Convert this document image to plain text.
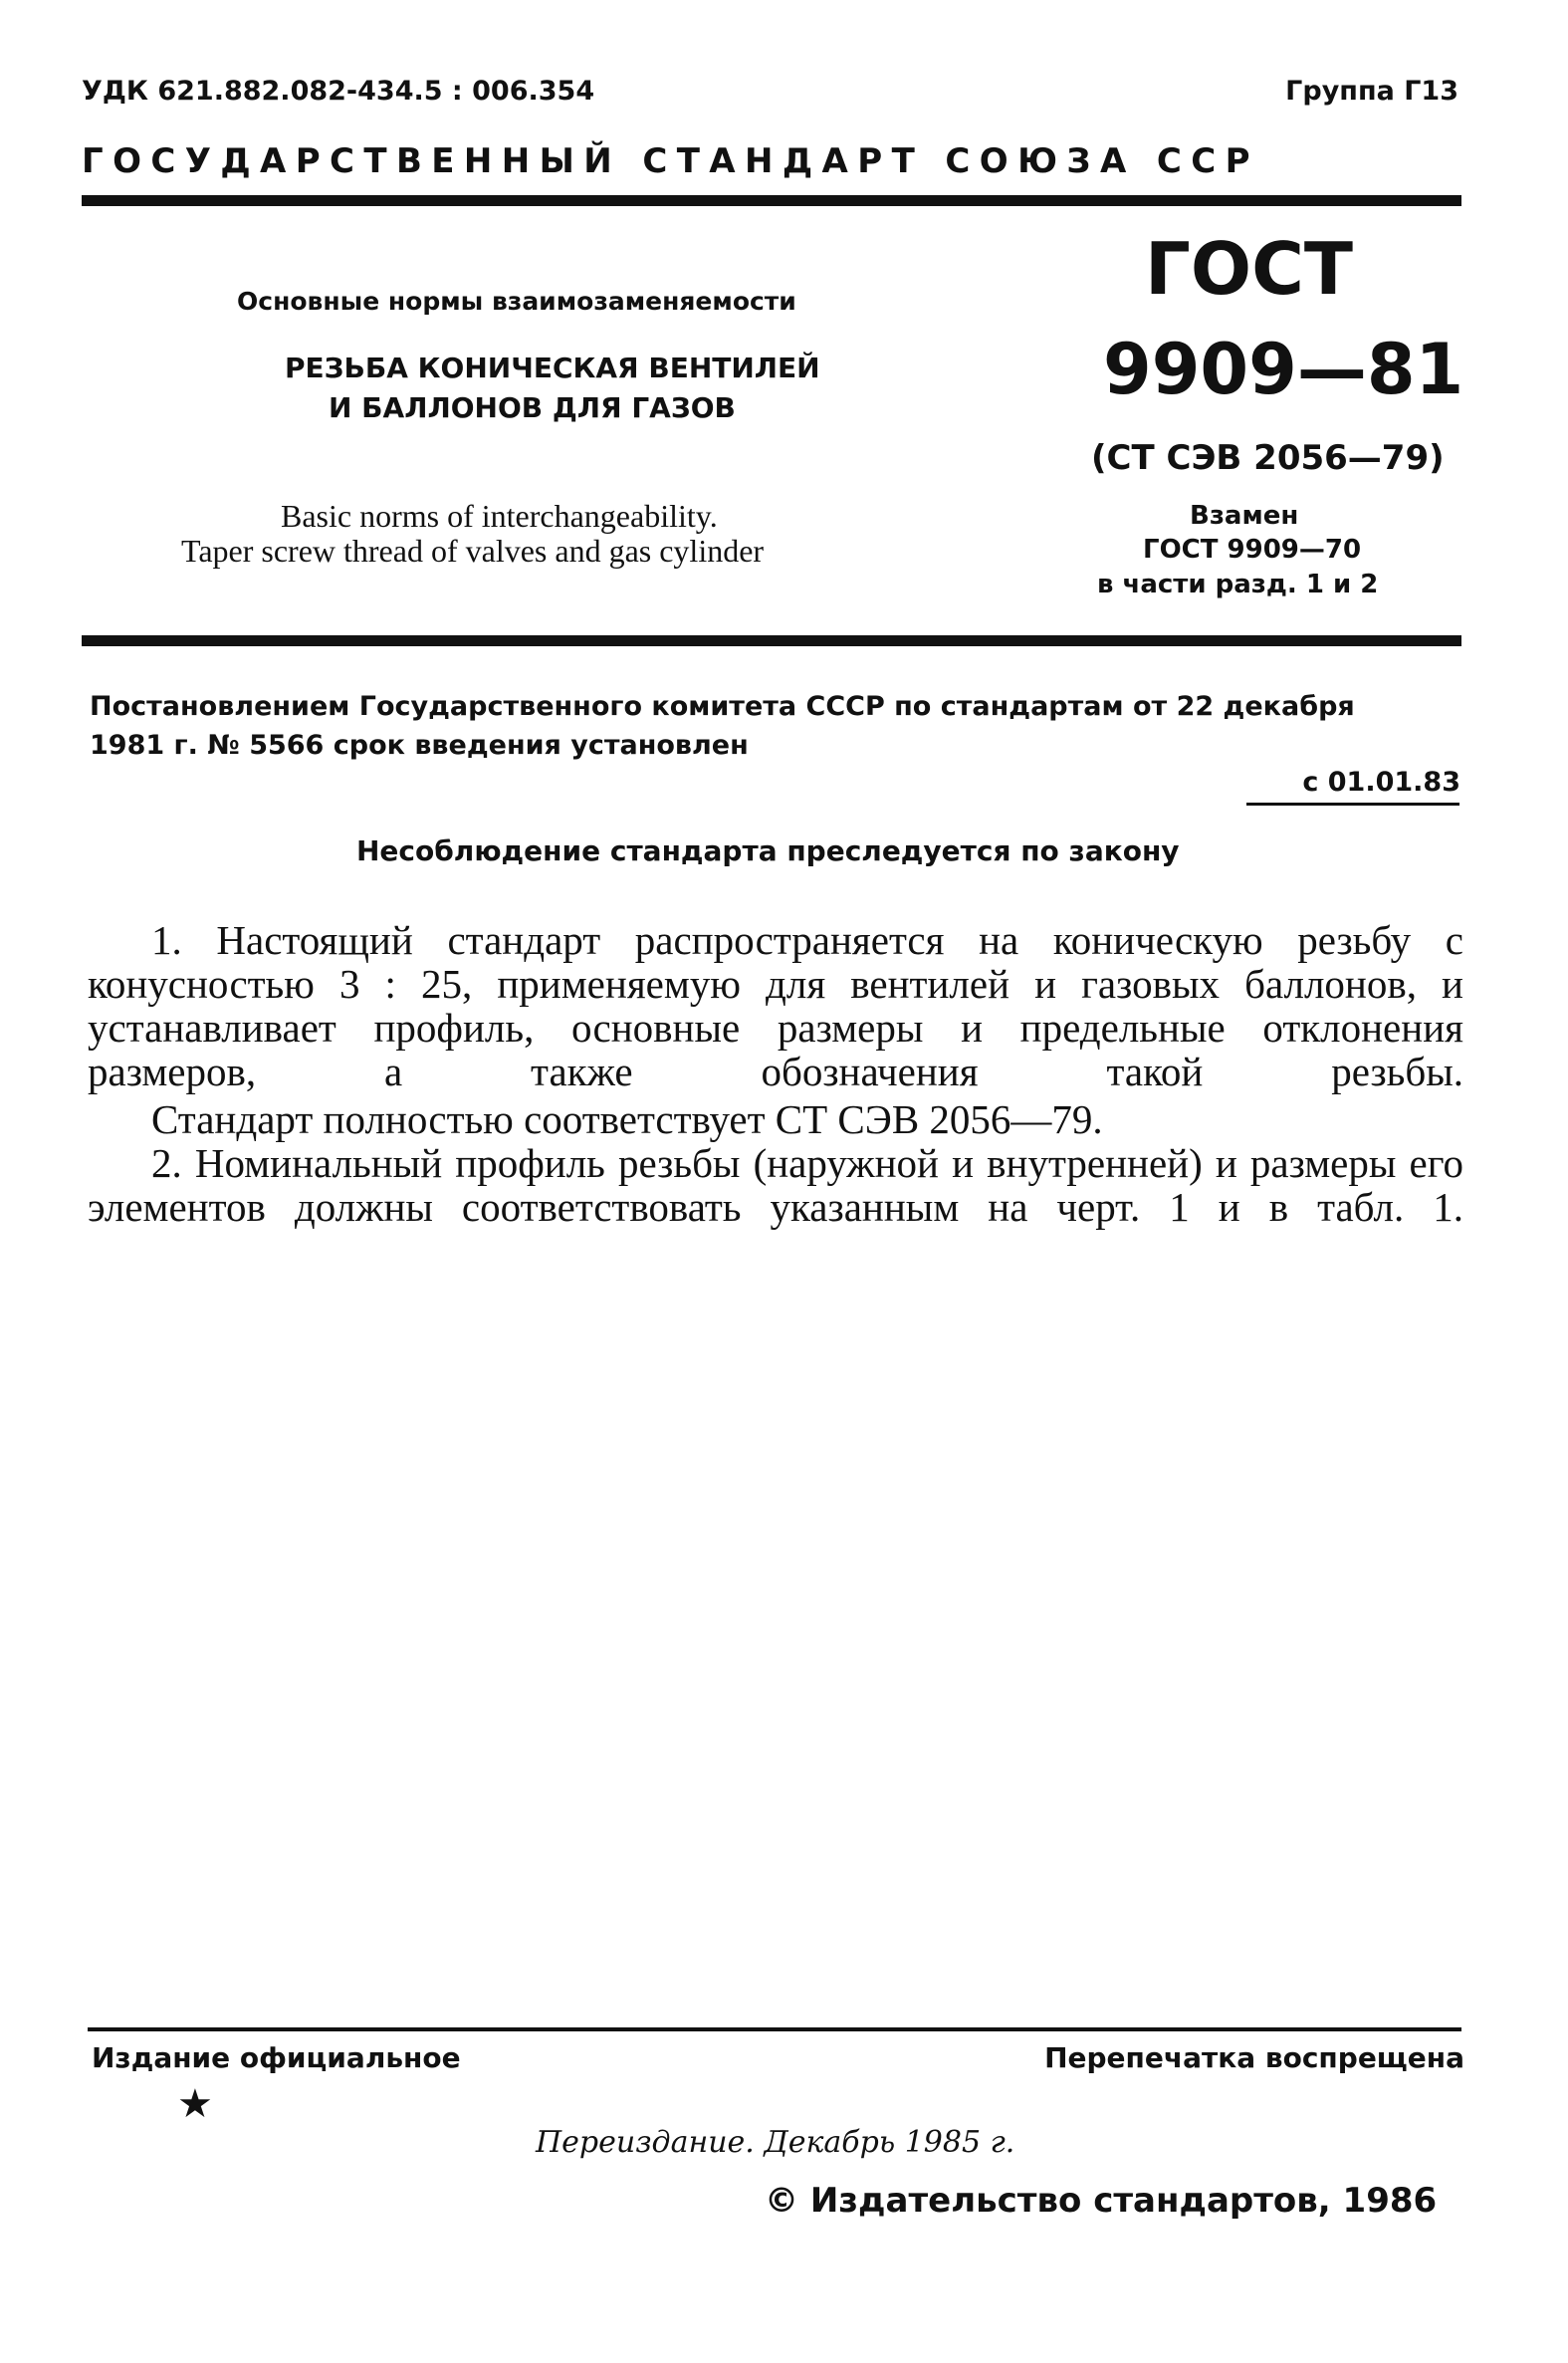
УДК 621.882.082-434.5 : 006.354	Группа Г13
ГОСУДАРСТВЕННЫЙ СТАНДАРТ СОЮЗА ССР
Основные нормы взаимозаменяемости
РЕЗЬБА КОНИЧЕСКАЯ ВЕНТИЛЕЙ
И БАЛЛОНОВ ДЛЯ ГАЗОВ
Basic norms of interchangeability.
Taper screw thread of valves and gas cylinder
ГОСТ
9909—81
(СТ СЭВ 2056—79)
Взамен
ГОСТ 9909—70
в части разд. 1 и 2
Постановлением Государственного комитета СССР по стандартам от 22 декабря
1981 г. № 5566 срок введения установлен
с 01.01.83
Несоблюдение стандарта преследуется по закону
1. Настоящий стандарт распространяется на коническую резьбу с конусностью 3 : 25, применяемую для вентилей и газовых баллонов, и устанавливает профиль, основные размеры и предельные отклонения размеров, а также обозначения такой резьбы.
Стандарт полностью соответствует СТ СЭВ 2056—79.
2. Номинальный профиль резьбы (наружной и внутренней) и размеры его элементов должны соответствовать указанным на черт. 1 и в табл. 1.
Издание официальное	Перепечатка воспрещена
★
Переиздание. Декабрь 1985 г.
© Издательство стандартов, 1986
